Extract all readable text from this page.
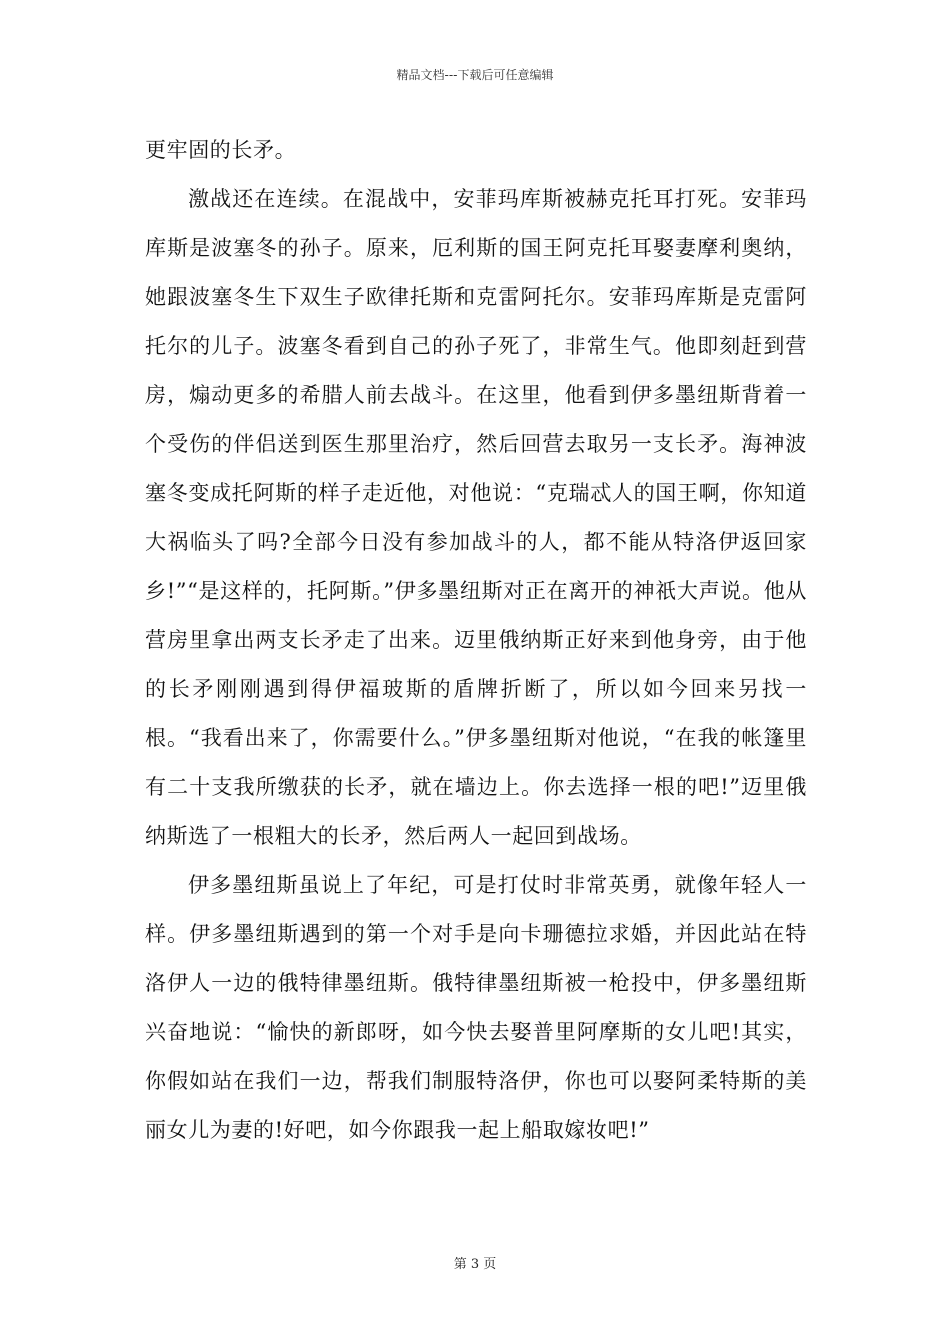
精品文档---下载后可任意编辑

更牢固的长矛。

激战还在连续。在混战中，安菲玛库斯被赫克托耳打死。安菲玛库斯是波塞冬的孙子。原来，厄利斯的国王阿克托耳娶妻摩利奥纳，她跟波塞冬生下双生子欧律托斯和克雷阿托尔。安菲玛库斯是克雷阿托尔的儿子。波塞冬看到自己的孙子死了，非常生气。他即刻赶到营房，煽动更多的希腊人前去战斗。在这里，他看到伊多墨纽斯背着一个受伤的伴侣送到医生那里治疗，然后回营去取另一支长矛。海神波塞冬变成托阿斯的样子走近他，对他说：“克瑞忒人的国王啊，你知道大祸临头了吗?全部今日没有参加战斗的人，都不能从特洛伊返回家乡!”“是这样的，托阿斯。”伊多墨纽斯对正在离开的神祇大声说。他从营房里拿出两支长矛走了出来。迈里俄纳斯正好来到他身旁，由于他的长矛刚刚遇到得伊福玻斯的盾牌折断了，所以如今回来另找一根。“我看出来了，你需要什么。”伊多墨纽斯对他说，“在我的帐篷里有二十支我所缴获的长矛，就在墙边上。你去选择一根的吧!”迈里俄纳斯选了一根粗大的长矛，然后两人一起回到战场。

伊多墨纽斯虽说上了年纪，可是打仗时非常英勇，就像年轻人一样。伊多墨纽斯遇到的第一个对手是向卡珊德拉求婚，并因此站在特洛伊人一边的俄特律墨纽斯。俄特律墨纽斯被一枪投中，伊多墨纽斯兴奋地说：“愉快的新郎呀，如今快去娶普里阿摩斯的女儿吧!其实，你假如站在我们一边，帮我们制服特洛伊，你也可以娶阿柔特斯的美丽女儿为妻的!好吧，如今你跟我一起上船取嫁妆吧!”

第 3 页
